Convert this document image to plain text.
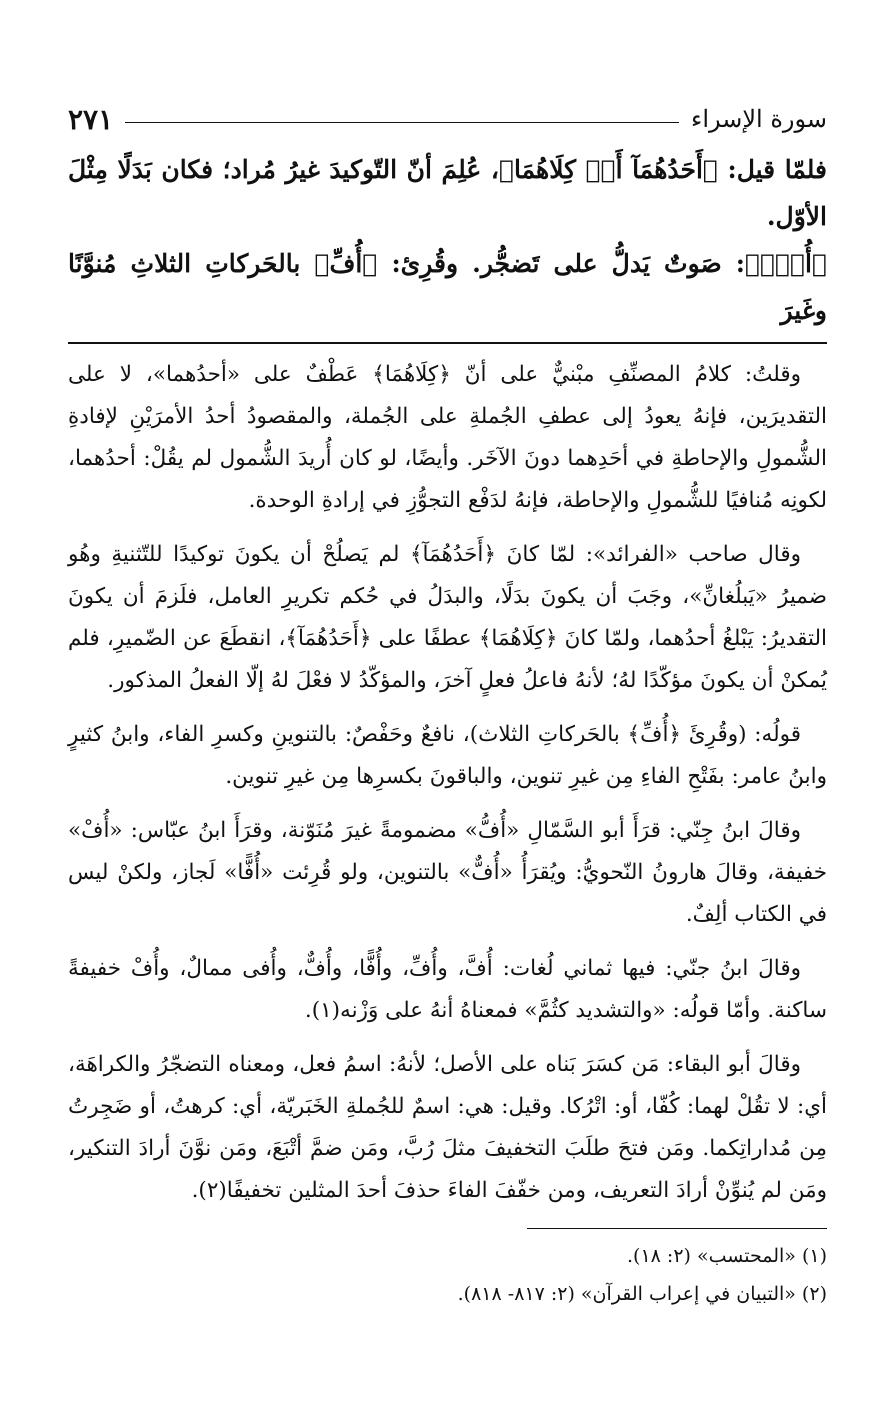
سورة الإسراء
٢٧١
فلمّا قيل: ﴿أَحَدُهُمَآ أَوۡ كِلَاهُمَا﴾، عُلِمَ أنّ التّوكيدَ غيرُ مُراد؛ فكان بَدَلًا مِثْلَ الأوّل.
﴿أُفّٖ﴾: صَوتٌ يَدلُّ على تَضجُّر. وقُرِئ: ﴿أُفِّ﴾ بالحَركاتِ الثلاثِ مُنوَّنًا وغَيرَ

وقلتُ: كلامُ المصنِّفِ مبْنيٌّ على أنّ ﴿كِلَاهُمَا﴾ عَطْفٌ على «أحدُهما»، لا على التقديرَين، فإنهُ يعودُ إلى عطفِ الجُملةِ على الجُملة، والمقصودُ أحدُ الأمرَيْنِ لإفادةِ الشُّمولِ والإحاطةِ في أحَدِهما دونَ الآخَر. وأيضًا، لو كان أُريدَ الشُّمول لم يقُلْ: أحدُهما، لكونِه مُنافيًا للشُّمولِ والإحاطة، فإنهُ لدَفْع التجوُّزِ في إرادةِ الوحدة.

وقال صاحب «الفرائد»: لمّا كانَ ﴿أَحَدُهُمَآ﴾ لم يَصلُحْ أن يكونَ توكيدًا للتّثنيةِ وهُو ضميرُ «يَبلُغانِّ»، وجَبَ أن يكونَ بدَلًا، والبدَلُ في حُكم تكريرِ العامل، فلَزمَ أن يكونَ التقديرُ: يَبْلغُ أحدُهما، ولمّا كانَ ﴿كِلَاهُمَا﴾ عطفًا على ﴿أَحَدُهُمَآ﴾، انقطَعَ عن الضّميرِ، فلم يُمكنْ أن يكونَ مؤكّدًا لهُ؛ لأنهُ فاعلُ فعلٍ آخرَ، والمؤكّدُ لا فعْلَ لهُ إلّا الفعلُ المذكور.

قولُه: (وقُرِئَ ﴿أُفِّ﴾ بالحَركاتِ الثلاث)، نافعٌ وحَفْصٌ: بالتنوينِ وكسرِ الفاء، وابنُ كثيرٍ وابنُ عامر: بفَتْحِ الفاءِ مِن غيرِ تنوين، والباقونَ بكسرِها مِن غيرِ تنوين.

وقالَ ابنُ جِنّي: قرَأَ أبو السَّمّالِ «أُفُّ» مضمومةً غيرَ مُنَوّنة، وقرَأَ ابنُ عبّاس: «أُفْ» خفيفة، وقالَ هارونُ النّحويُّ: ويُقرَأُ «أُفٌّ» بالتنوين، ولو قُرِئت «أُفًّا» لَجاز، ولكنْ ليس في الكتاب ألِفٌ.

وقالَ ابنُ جنّي: فيها ثماني لُغات: أُفَّ، وأُفِّ، وأُفًّا، وأُفٌّ، وأُفى ممالٌ، وأُفْ خفيفةً ساكنة. وأمّا قولُه: «والتشديد كثُمَّ» فمعناهُ أنهُ على وَزْنه(١).

وقالَ أبو البقاء: مَن كسَرَ بَناه على الأصل؛ لأنهُ: اسمُ فعل، ومعناه التضجّرُ والكراهَة، أي: لا تقُلْ لهما: كُفّا، أو: اتْرُكا. وقيل: هي: اسمٌ للجُملةِ الخَبَريّة، أي: كرهتُ، أو ضَجِرتُ مِن مُداراتِكما. ومَن فتحَ طلَبَ التخفيفَ مثلَ رُبَّ، ومَن ضمَّ أتْبَعَ، ومَن نوَّنَ أرادَ التنكير، ومَن لم يُنوِّنْ أرادَ التعريف، ومن خفّفَ الفاءَ حذفَ أحدَ المثلين تخفيفًا(٢).

(١) «المحتسب» (٢: ١٨).

(٢) «التبيان في إعراب القرآن» (٢: ٨١٧- ٨١٨).
